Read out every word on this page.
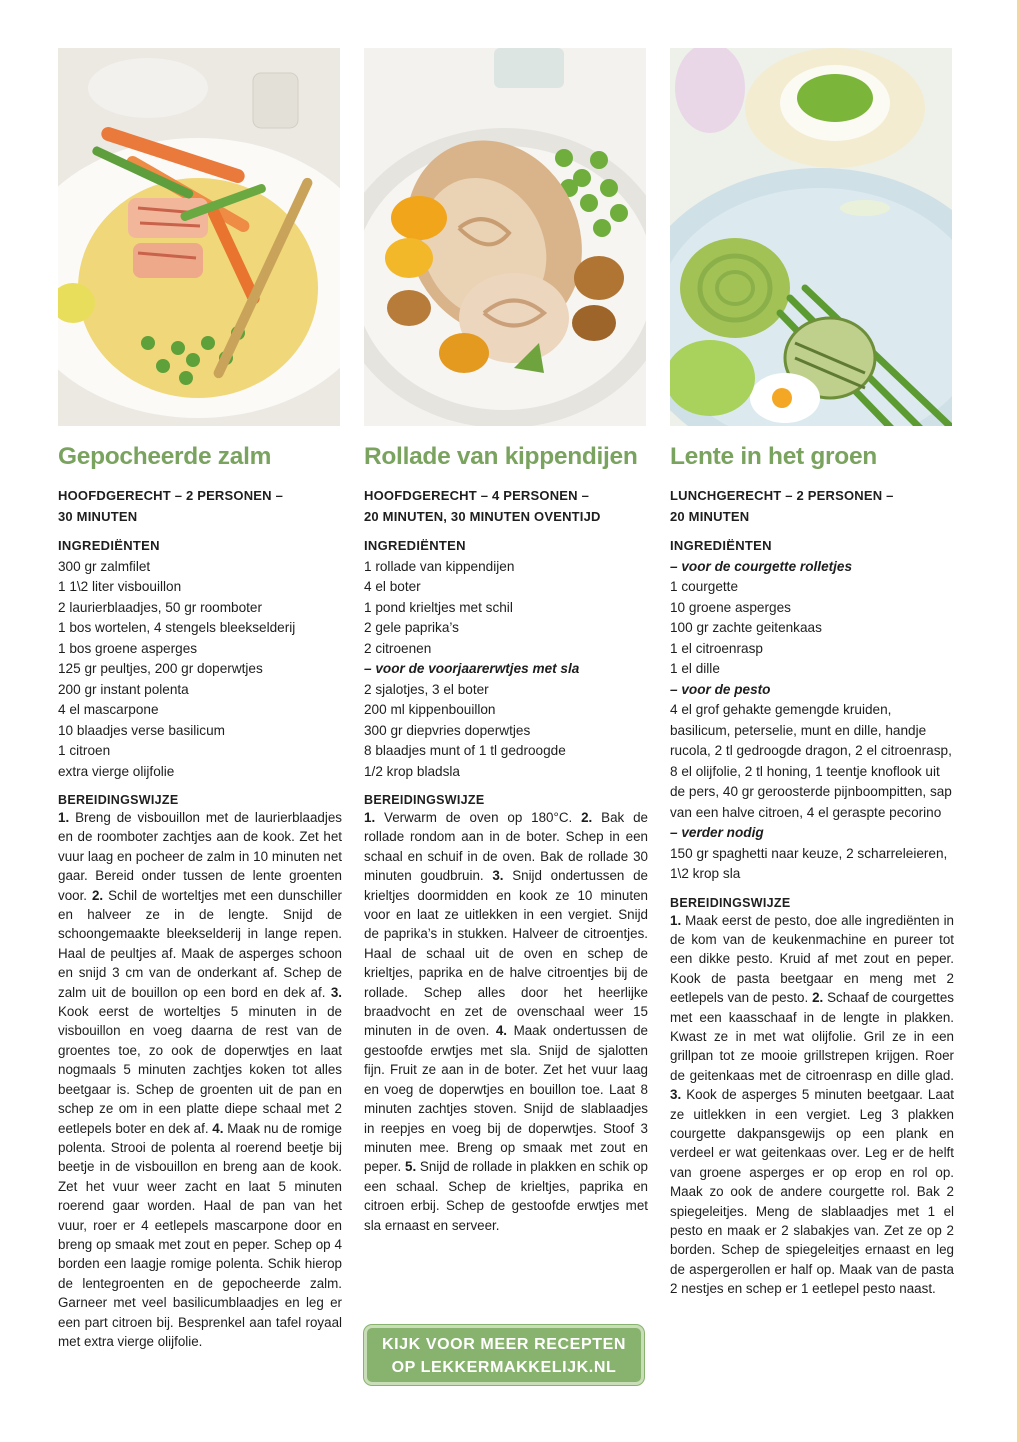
Gepocheerde zalm
HOOFDGERECHT – 2 PERSONEN –
30 MINUTEN
INGREDIËNTEN
300 gr zalmfilet
1 1\2 liter visbouillon
2 laurierblaadjes, 50 gr roomboter
1 bos wortelen, 4 stengels bleekselderij
1 bos groene asperges
125 gr peultjes, 200 gr doperwtjes
200 gr instant polenta
4 el mascarpone
10 blaadjes verse basilicum
1 citroen
extra vierge olijfolie
BEREIDINGSWIJZE
1. Breng de visbouillon met de laurierblaadjes en de roomboter zachtjes aan de kook. Zet het vuur laag en pocheer de zalm in 10 minuten net gaar. Bereid onder tussen de lente groenten voor. 2. Schil de worteltjes met een dunschiller en halveer ze in de lengte. Snijd de schoongemaakte bleekselderij in lange repen. Haal de peultjes af. Maak de asperges schoon en snijd 3 cm van de onderkant af. Schep de zalm uit de bouillon op een bord en dek af. 3. Kook eerst de worteltjes 5 minuten in de visbouillon en voeg daarna de rest van de groentes toe, zo ook de doperwtjes en laat nogmaals 5 minuten zachtjes koken tot alles beetgaar is. Schep de groenten uit de pan en schep ze om in een platte diepe schaal met 2 eetlepels boter en dek af. 4. Maak nu de romige polenta. Strooi de polenta al roerend beetje bij beetje in de visbouillon en breng aan de kook. Zet het vuur weer zacht en laat 5 minuten roerend gaar worden. Haal de pan van het vuur, roer er 4 eetlepels mascarpone door en breng op smaak met zout en peper. Schep op 4 borden een laagje romige polenta. Schik hierop de lentegroenten en de gepocheerde zalm. Garneer met veel basilicumblaadjes en leg er een part citroen bij. Besprenkel aan tafel royaal met extra vierge olijfolie.
Rollade van kippendijen
HOOFDGERECHT – 4 PERSONEN –
20 MINUTEN, 30 MINUTEN OVENTIJD
INGREDIËNTEN
1 rollade van kippendijen
4 el boter
1 pond krieltjes met schil
2 gele paprika’s
2 citroenen
– voor de voorjaarerwtjes met sla
2 sjalotjes, 3 el boter
200 ml kippenbouillon
300 gr diepvries doperwtjes
8 blaadjes munt of 1 tl gedroogde
1/2 krop bladsla
BEREIDINGSWIJZE
1. Verwarm de oven op 180°C. 2. Bak de rollade rondom aan in de boter. Schep in een schaal en schuif in de oven. Bak de rollade 30 minuten goudbruin. 3. Snijd ondertussen de krieltjes doormidden en kook ze 10 minuten voor en laat ze uitlekken in een vergiet. Snijd de paprika’s in stukken. Halveer de citroentjes. Haal de schaal uit de oven en schep de krieltjes, paprika en de halve citroentjes bij de rollade. Schep alles door het heerlijke braadvocht en zet de ovenschaal weer 15 minuten in de oven. 4. Maak ondertussen de gestoofde erwtjes met sla. Snijd de sjalotten fijn. Fruit ze aan in de boter. Zet het vuur laag en voeg de doperwtjes en bouillon toe. Laat 8 minuten zachtjes stoven. Snijd de slablaadjes in reepjes en voeg bij de doperwtjes. Stoof 3 minuten mee. Breng op smaak met zout en peper. 5. Snijd de rollade in plakken en schik op een schaal. Schep de krieltjes, paprika en citroen erbij. Schep de gestoofde erwtjes met sla ernaast en serveer.
Lente in het groen
LUNCHGERECHT – 2 PERSONEN –
20 MINUTEN
INGREDIËNTEN
– voor de courgette rolletjes
1 courgette
10 groene asperges
100 gr zachte geitenkaas
1 el citroenrasp
1 el dille
– voor de pesto
4 el grof gehakte gemengde kruiden, basilicum, peterselie, munt en dille, handje rucola, 2 tl gedroogde dragon, 2 el citroenrasp, 8 el olijfolie, 2 tl honing, 1 teentje knoflook uit de pers, 40 gr geroosterde pijnboompitten, sap van een halve citroen, 4 el geraspte pecorino
– verder nodig
150 gr spaghetti naar keuze, 2 scharreleieren, 1\2 krop sla
BEREIDINGSWIJZE
1. Maak eerst de pesto, doe alle ingrediënten in de kom van de keukenmachine en pureer tot een dikke pesto. Kruid af met zout en peper. Kook de pasta beetgaar en meng met 2 eetlepels van de pesto. 2. Schaaf de courgettes met een kaasschaaf in de lengte in plakken. Kwast ze in met wat olijfolie. Gril ze in een grillpan tot ze mooie grillstrepen krijgen. Roer de geitenkaas met de citroenrasp en dille glad. 3. Kook de asperges 5 minuten beetgaar. Laat ze uitlekken in een vergiet. Leg 3 plakken courgette dakpansgewijs op een plank en verdeel er wat geitenkaas over. Leg er de helft van groene asperges er op erop en rol op. Maak zo ook de andere courgette rol. Bak 2 spiegeleitjes. Meng de slablaadjes met 1 el pesto en maak er 2 slabakjes van. Zet ze op 2 borden. Schep de spiegeleitjes ernaast en leg de aspergerollen er half op. Maak van de pasta 2 nestjes en schep er 1 eetlepel pesto naast.
KIJK VOOR MEER RECEPTEN
OP LEKKERMAKKELIJK.NL
